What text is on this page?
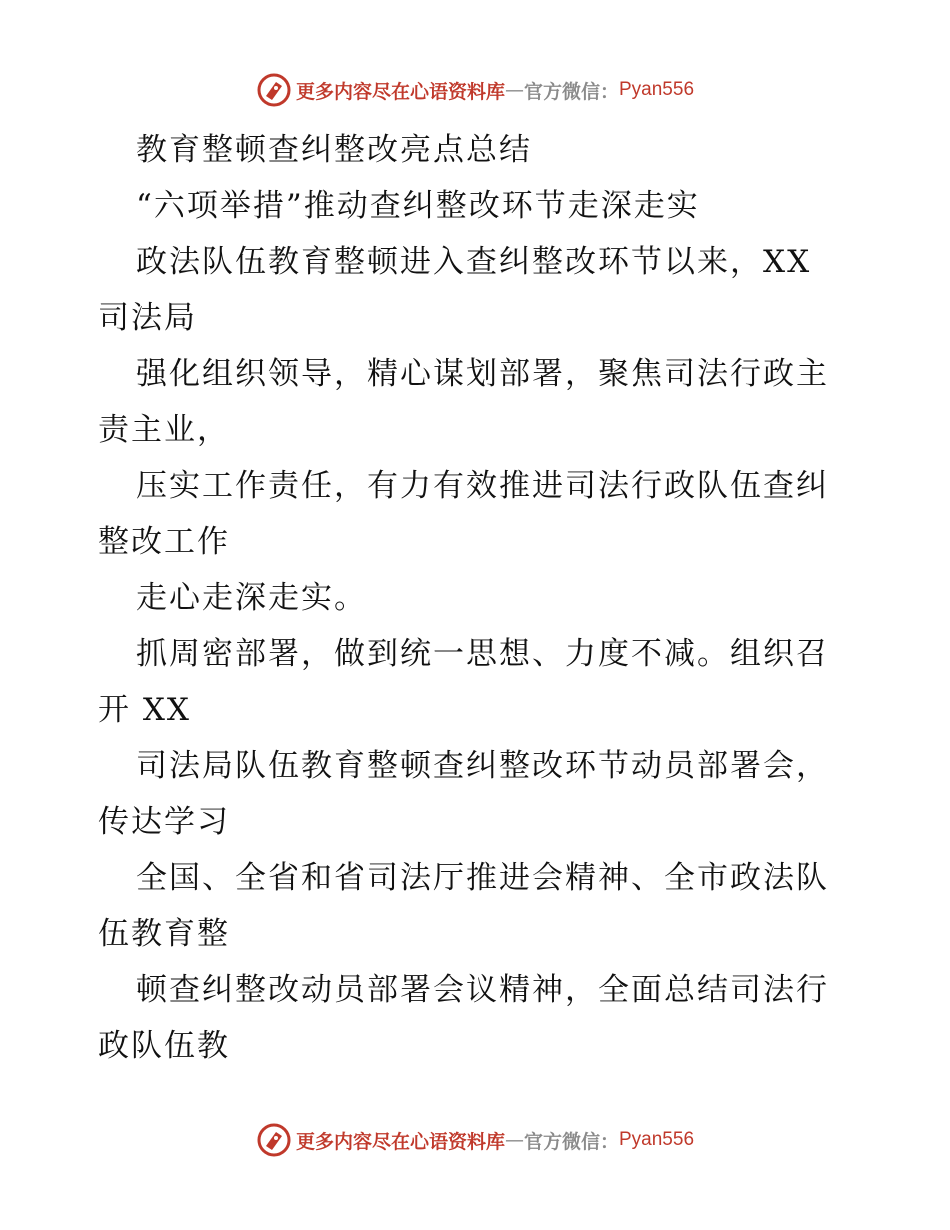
更多内容尽在心语资料库 — 官方微信： Pyan556
教育整顿查纠整改亮点总结
“六项举措”推动查纠整改环节走深走实
政法队伍教育整顿进入查纠整改环节以来，XX
司法局
强化组织领导，精心谋划部署，聚焦司法行政主
责主业，
压实工作责任，有力有效推进司法行政队伍查纠
整改工作
走心走深走实。
抓周密部署，做到统一思想、力度不减。组织召
开 XX
司法局队伍教育整顿查纠整改环节动员部署会，
传达学习
全国、全省和省司法厅推进会精神、全市政法队
伍教育整
顿查纠整改动员部署会议精神，全面总结司法行
政队伍教
更多内容尽在心语资料库 — 官方微信： Pyan556
